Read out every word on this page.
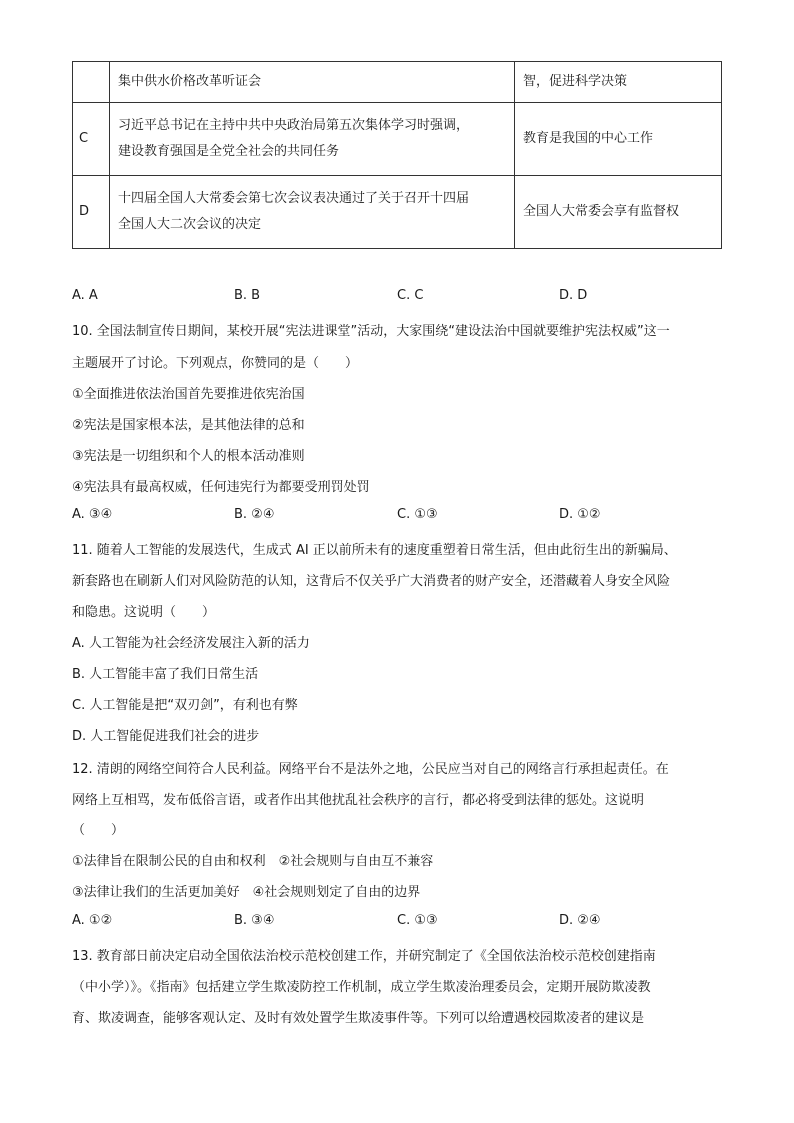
	集中供水价格改革听证会	智，促进科学决策
C	习近平总书记在主持中共中央政治局第五次集体学习时强调，
建设教育强国是全党全社会的共同任务	教育是我国的中心工作
D	十四届全国人大常委会第七次会议表决通过了关于召开十四届
全国人大二次会议的决定	全国人大常委会享有监督权
A. A	B. B	C. C	D. D
10. 全国法制宣传日期间，某校开展“宪法进课堂”活动，大家围绕“建设法治中国就要维护宪法权威”这一
主题展开了讨论。下列观点，你赞同的是（　　）
①全面推进依法治国首先要推进依宪治国
②宪法是国家根本法，是其他法律的总和
③宪法是一切组织和个人的根本活动准则
④宪法具有最高权威，任何违宪行为都要受刑罚处罚
A. ③④	B. ②④	C. ①③	D. ①②
11. 随着人工智能的发展迭代，生成式 AI 正以前所未有的速度重塑着日常生活，但由此衍生出的新骗局、
新套路也在刷新人们对风险防范的认知，这背后不仅关乎广大消费者的财产安全，还潜藏着人身安全风险
和隐患。这说明（　　）
A. 人工智能为社会经济发展注入新的活力
B. 人工智能丰富了我们日常生活
C. 人工智能是把“双刃剑”，有利也有弊
D. 人工智能促进我们社会的进步
12. 清朗的网络空间符合人民利益。网络平台不是法外之地，公民应当对自己的网络言行承担起责任。在
网络上互相骂，发布低俗言语，或者作出其他扰乱社会秩序的言行，都必将受到法律的惩处。这说明
（　　）
①法律旨在限制公民的自由和权利　②社会规则与自由互不兼容
③法律让我们的生活更加美好　④社会规则划定了自由的边界
A. ①②	B. ③④	C. ①③	D. ②④
13. 教育部日前决定启动全国依法治校示范校创建工作，并研究制定了《全国依法治校示范校创建指南
（中小学）》。《指南》包括建立学生欺凌防控工作机制，成立学生欺凌治理委员会，定期开展防欺凌教
育、欺凌调查，能够客观认定、及时有效处置学生欺凌事件等。下列可以给遭遇校园欺凌者的建议是
